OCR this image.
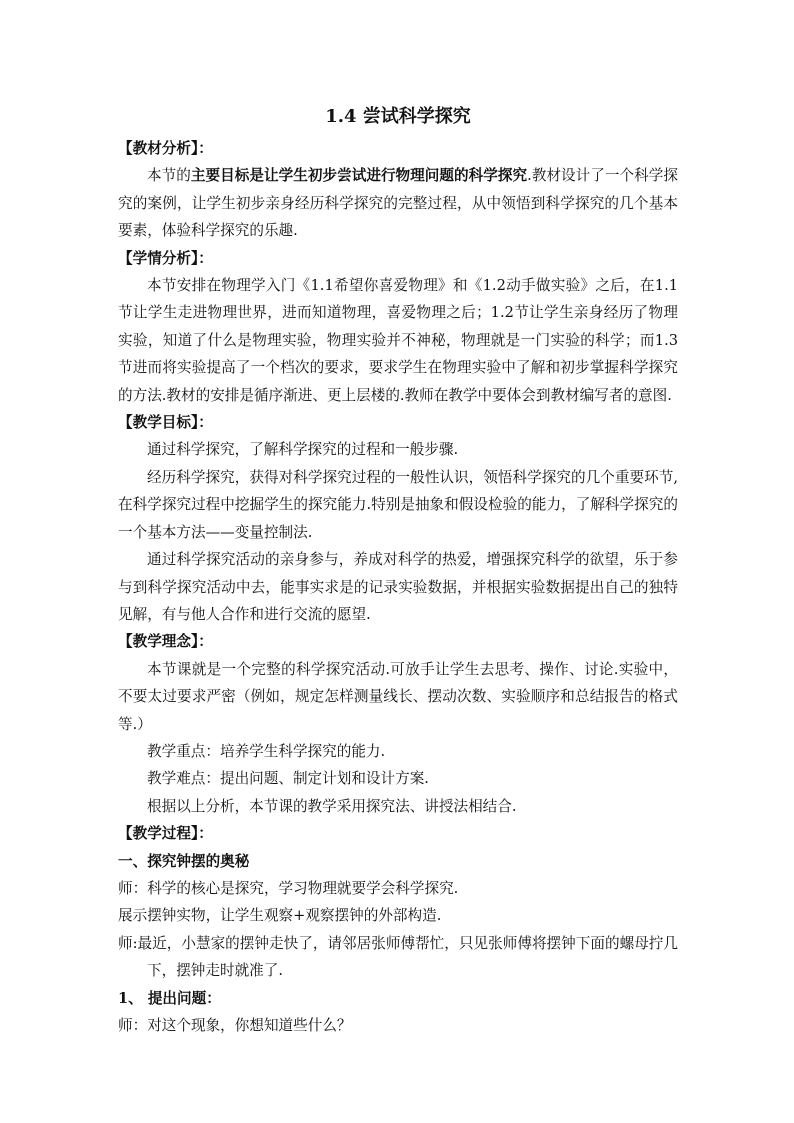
1.4 尝试科学探究

【教材分析】：

本节的主要目标是让学生初步尝试进行物理问题的科学探究.教材设计了一个科学探究的案例，让学生初步亲身经历科学探究的完整过程，从中领悟到科学探究的几个基本要素，体验科学探究的乐趣.

【学情分析】：

本节安排在物理学入门《1.1希望你喜爱物理》和《1.2动手做实验》之后，在1.1节让学生走进物理世界，进而知道物理，喜爱物理之后；1.2节让学生亲身经历了物理实验，知道了什么是物理实验，物理实验并不神秘，物理就是一门实验的科学；而1.3节进而将实验提高了一个档次的要求，要求学生在物理实验中了解和初步掌握科学探究的方法.教材的安排是循序渐进、更上层楼的.教师在教学中要体会到教材编写者的意图.

【教学目标】：

通过科学探究，了解科学探究的过程和一般步骤.

经历科学探究，获得对科学探究过程的一般性认识，领悟科学探究的几个重要环节,在科学探究过程中挖掘学生的探究能力.特别是抽象和假设检验的能力，了解科学探究的一个基本方法——变量控制法.

通过科学探究活动的亲身参与，养成对科学的热爱，增强探究科学的欲望，乐于参与到科学探究活动中去，能事实求是的记录实验数据，并根据实验数据提出自己的独特见解，有与他人合作和进行交流的愿望.

【教学理念】：

本节课就是一个完整的科学探究活动.可放手让学生去思考、操作、讨论.实验中，不要太过要求严密（例如，规定怎样测量线长、摆动次数、实验顺序和总结报告的格式等.）

教学重点：培养学生科学探究的能力.

教学难点：提出问题、制定计划和设计方案.

根据以上分析，本节课的教学采用探究法、讲授法相结合.

【教学过程】：

一、探究钟摆的奥秘

师：科学的核心是探究，学习物理就要学会科学探究.

展示摆钟实物，让学生观察+观察摆钟的外部构造.

师:最近，小慧家的摆钟走快了，请邻居张师傅帮忙，只见张师傅将摆钟下面的螺母拧几下，摆钟走时就准了.

1、 提出问题：

师：对这个现象，你想知道些什么？
